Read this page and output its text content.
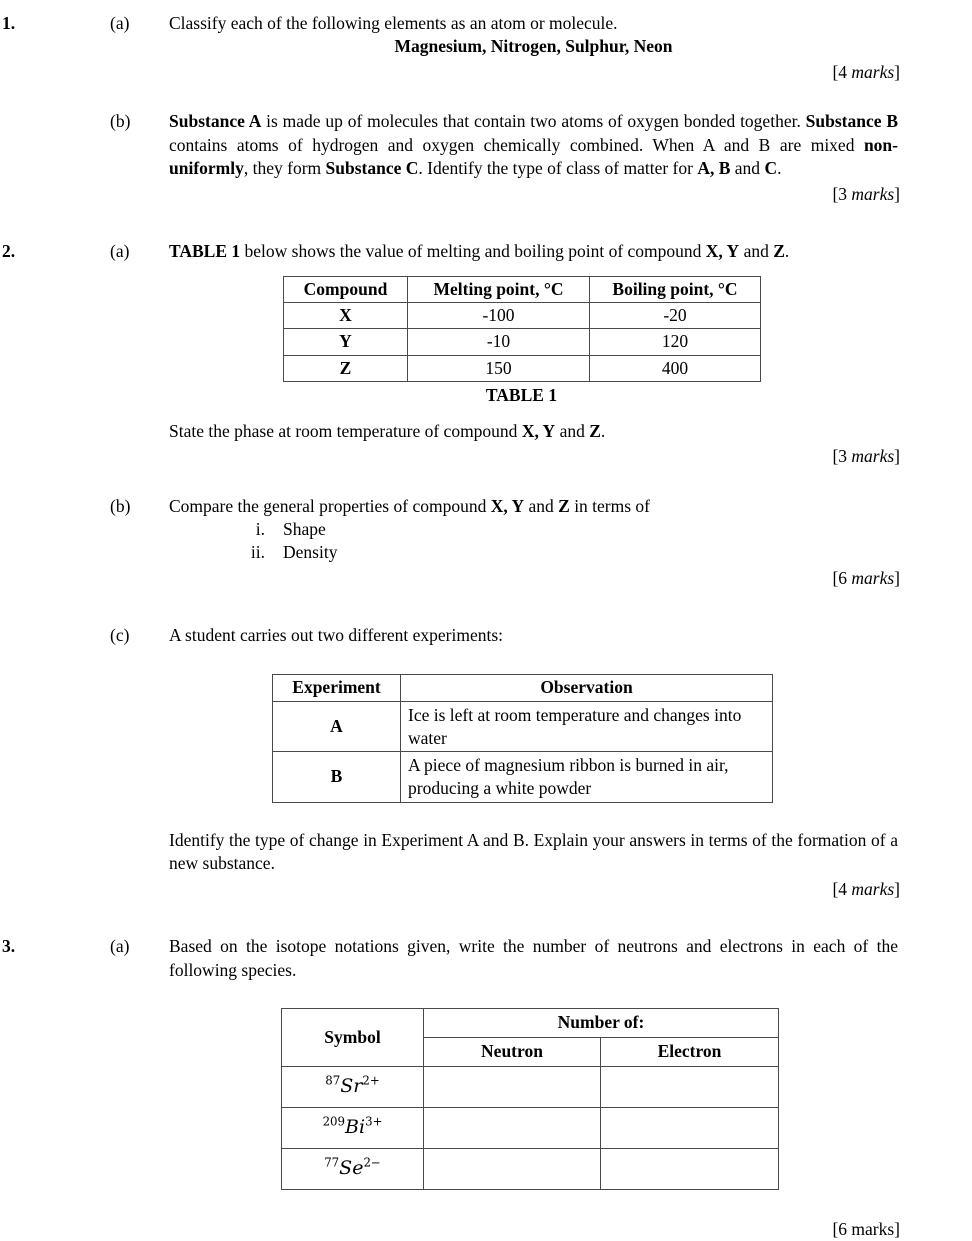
1.	(a)	Classify each of the following elements as an atom or molecule.
Magnesium, Nitrogen, Sulphur, Neon
[4 marks]
(b)	Substance A is made up of molecules that contain two atoms of oxygen bonded together. Substance B contains atoms of hydrogen and oxygen chemically combined. When A and B are mixed non-uniformly, they form Substance C. Identify the type of class of matter for A, B and C.
[3 marks]
2.	(a)	TABLE 1 below shows the value of melting and boiling point of compound X, Y and Z.
Compound	Melting point, °C	Boiling point, °C
X	-100	-20
Y	-10	120
Z	150	400
TABLE 1
State the phase at room temperature of compound X, Y and Z.
[3 marks]
(b)	Compare the general properties of compound X, Y and Z in terms of
i.	Shape
ii.	Density
[6 marks]
(c)	A student carries out two different experiments:
Experiment	Observation
A	Ice is left at room temperature and changes into water
B	A piece of magnesium ribbon is burned in air, producing a white powder
Identify the type of change in Experiment A and B. Explain your answers in terms of the formation of a new substance.
[4 marks]
3.	(a)	Based on the isotope notations given, write the number of neutrons and electrons in each of the following species.
Symbol	Number of:	
	Neutron	Electron
$^{87}Sr^{2+}$		
$^{209}Bi^{3+}$		
$^{77}Se^{2-}$		
[6 marks]
